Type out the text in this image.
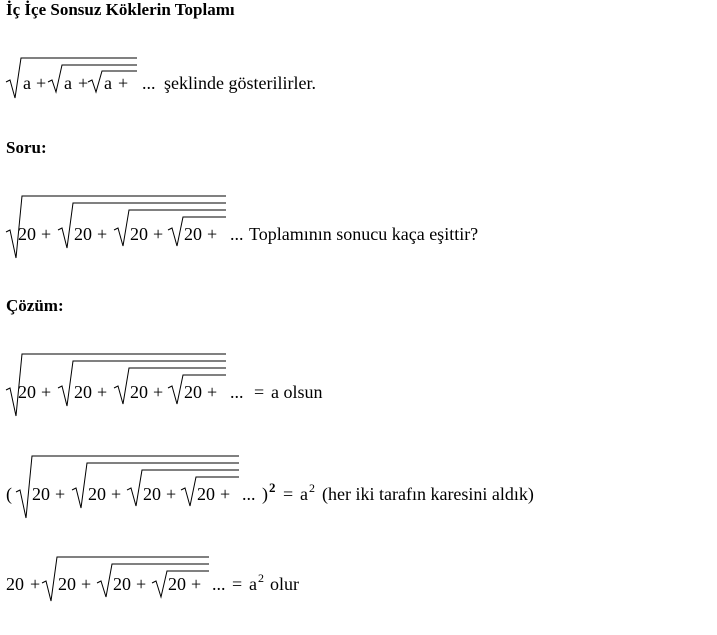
İç İçe Sonsuz Köklerin Toplamı
a + a + a + ... şeklinde gösterilirler.
Soru:
20 + 20 + 20 + 20 + ... Toplamının sonucu kaça eşittir?
Çözüm:
20 + 20 + 20 + 20 + ... = a olsun
( 20 + 20 + 20 + 20 + ... ) 2 = a 2 (her iki tarafın karesini aldık)
20 + 20 + 20 + 20 + ... = a 2 olur
